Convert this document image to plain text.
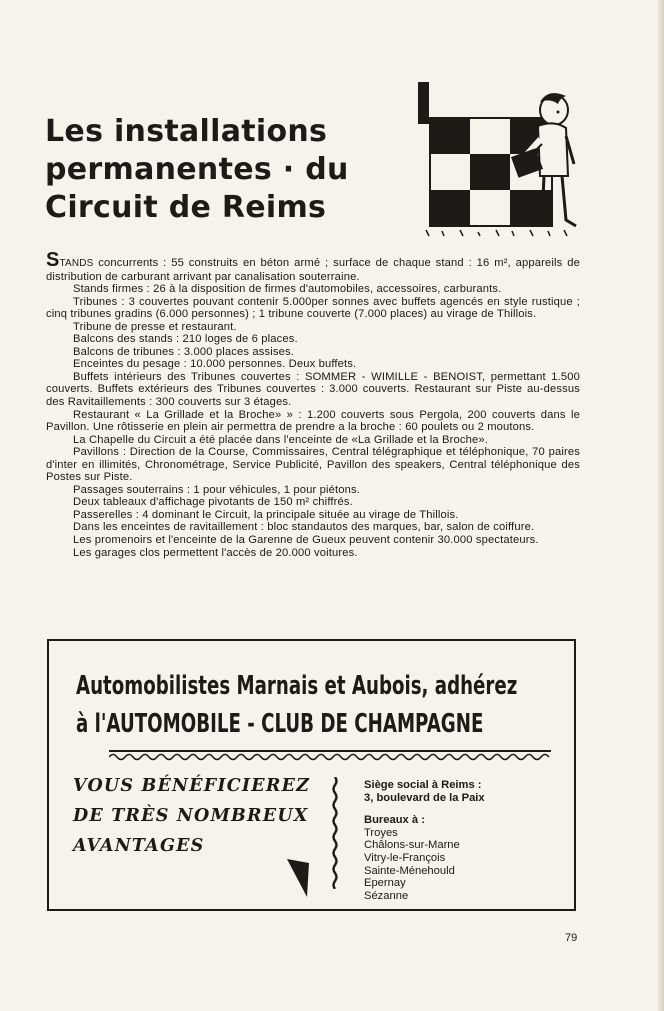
Les installations
permanentes · du
Circuit de Reims

STANDS concurrents : 55 construits en béton armé ; surface de chaque stand : 16 m², appareils de distribution de carburant arrivant par canalisation souterraine.

Stands firmes : 26 à la disposition de firmes d'automobiles, accessoires, carburants.

Tribunes : 3 couvertes pouvant contenir 5.000per sonnes avec buffets agencés en style rustique ; cinq tribunes gradins (6.000 personnes) ; 1 tribune couverte (7.000 places) au virage de Thillois.

Tribune de presse et restaurant.

Balcons des stands : 210 loges de 6 places.

Balcons de tribunes : 3.000 places assises.

Enceintes du pesage : 10.000 personnes. Deux buffets.

Buffets intérieurs des Tribunes couvertes : SOMMER - WIMILLE - BENOIST, permettant 1.500 couverts. Buffets extérieurs des Tribunes couvertes : 3.000 couverts. Restaurant sur Piste au-dessus des Ravitaillements : 300 couverts sur 3 étages.

Restaurant « La Grillade et la Broche» » : 1.200 couverts sous Pergola, 200 couverts dans le Pavillon. Une rôtisserie en plein air permettra de prendre a la broche : 60 poulets ou 2 moutons.

La Chapelle du Circuit a été placée dans l'enceinte de «La Grillade et la Broche».

Pavillons : Direction de la Course, Commissaires, Central télégraphique et téléphonique, 70 paires d'inter en illimités, Chronométrage, Service Publicité, Pavillon des speakers, Central téléphonique des Postes sur Piste.

Passages souterrains : 1 pour véhicules, 1 pour piétons.

Deux tableaux d'affichage pivotants de 150 m² chiffrés.

Passerelles : 4 dominant le Circuit, la principale située au virage de Thillois.

Dans les enceintes de ravitaillement : bloc standautos des marques, bar, salon de coiffure.

Les promenoirs et l'enceinte de la Garenne de Gueux peuvent contenir 30.000 spectateurs.

Les garages clos permettent l'accès de 20.000 voitures.

Automobilistes Marnais et Aubois, adhérez
à l'AUTOMOBILE - CLUB DE CHAMPAGNE
VOUS BÉNÉFICIEREZ
DE TRÈS NOMBREUX
AVANTAGES
Siège social à Reims :
3, boulevard de la Paix
Bureaux à :
Troyes
Châlons-sur-Marne
Vitry-le-François
Sainte-Ménehould
Epernay
Sézanne
79
